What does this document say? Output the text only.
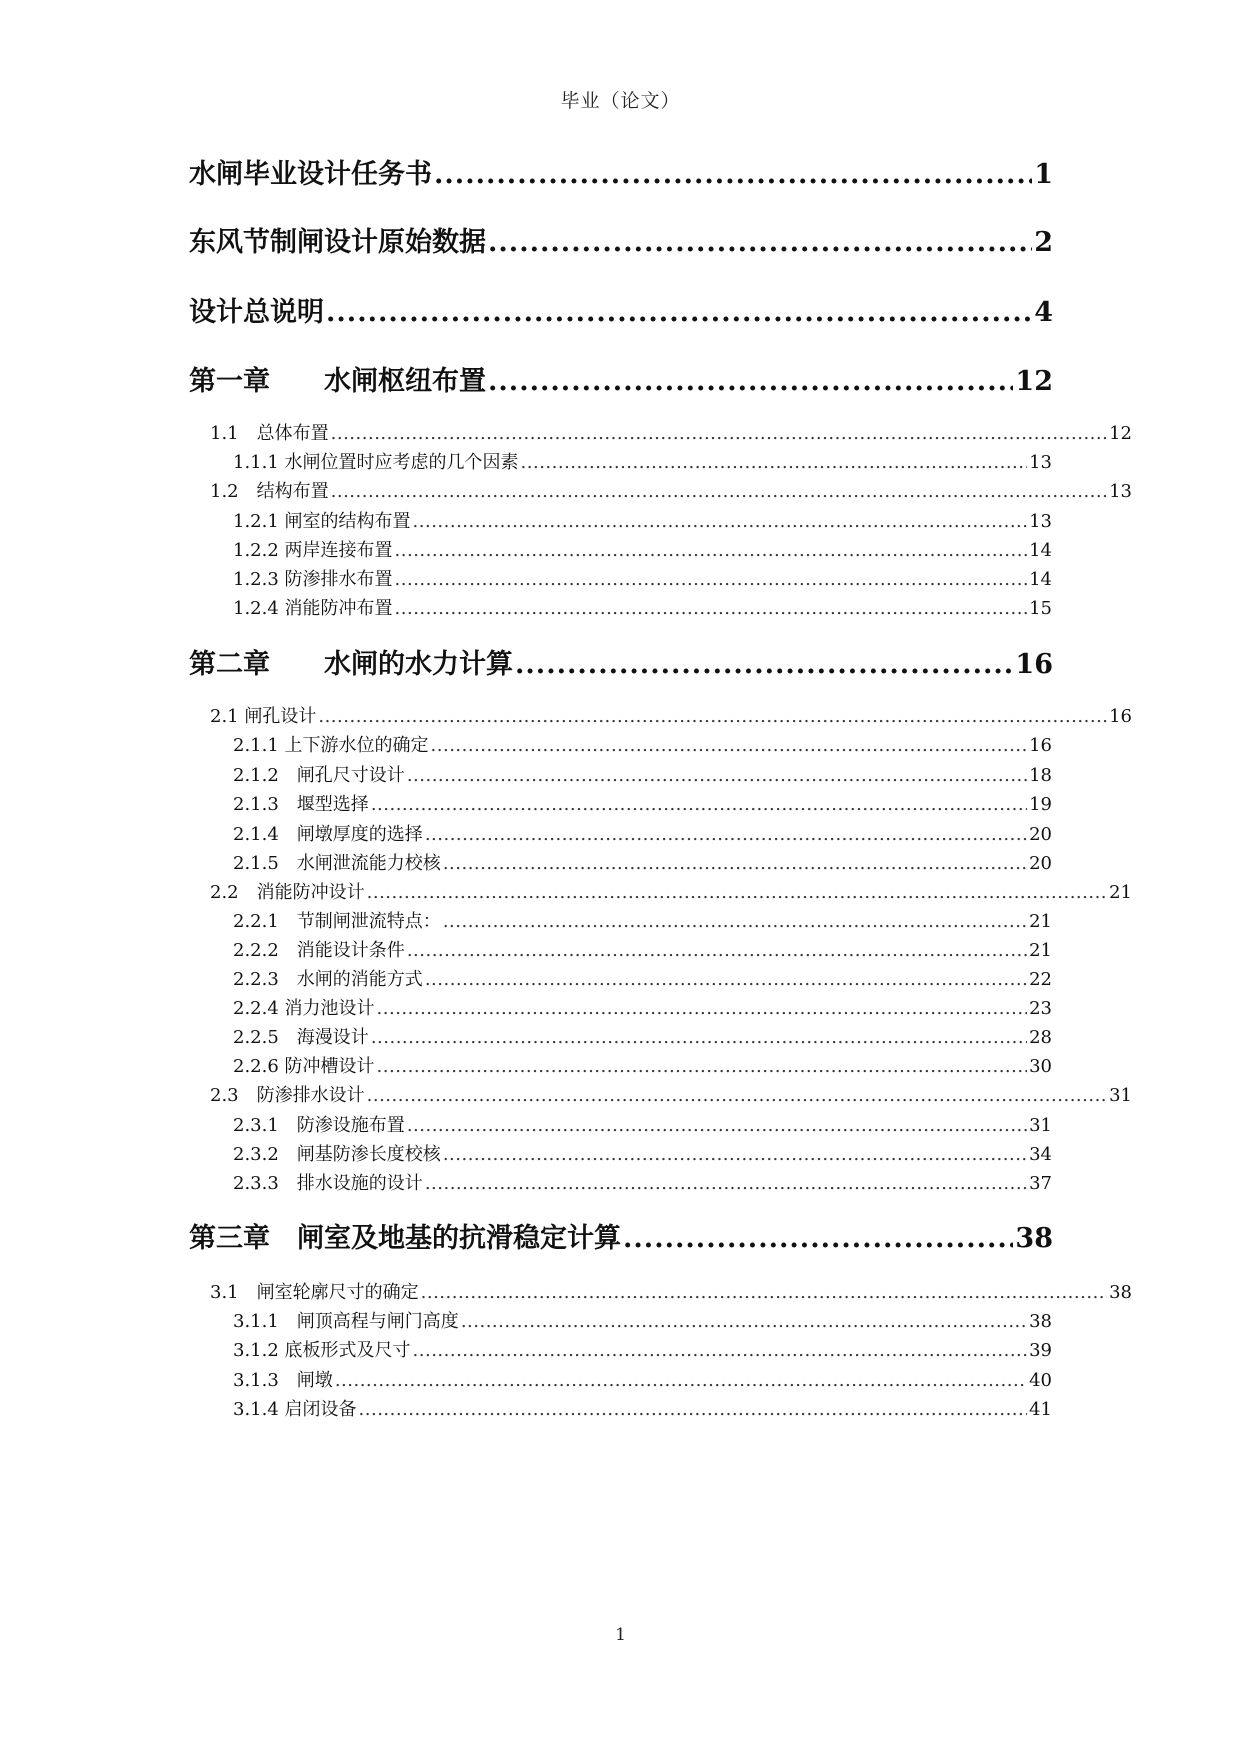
毕业（论文）
水闸毕业设计任务书 .....	1
东风节制闸设计原始数据 .....	2
设计总说明 .....	4
第一章　　水闸枢纽布置 .....	12
1.1　总体布置 .....	12
1.1.1 水闸位置时应考虑的几个因素 .....	13
1.2　结构布置 .....	13
1.2.1 闸室的结构布置 .....	13
1.2.2 两岸连接布置 .....	14
1.2.3 防渗排水布置 .....	14
1.2.4 消能防冲布置 .....	15
第二章　　水闸的水力计算 .....	16
2.1 闸孔设计 .....	16
2.1.1 上下游水位的确定 .....	16
2.1.2　闸孔尺寸设计 .....	18
2.1.3　堰型选择 .....	19
2.1.4　闸墩厚度的选择 .....	20
2.1.5　水闸泄流能力校核 .....	20
2.2　消能防冲设计 .....	21
2.2.1　节制闸泄流特点： .....	21
2.2.2　消能设计条件 .....	21
2.2.3　水闸的消能方式 .....	22
2.2.4 消力池设计 .....	23
2.2.5　海漫设计 .....	28
2.2.6 防冲槽设计 .....	30
2.3　防渗排水设计 .....	31
2.3.1　防渗设施布置 .....	31
2.3.2　闸基防渗长度校核 .....	34
2.3.3　排水设施的设计 .....	37
第三章　闸室及地基的抗滑稳定计算 .....	38
3.1　闸室轮廓尺寸的确定 .....	38
3.1.1　闸顶高程与闸门高度 .....	38
3.1.2 底板形式及尺寸 .....	39
3.1.3　闸墩 .....	40
3.1.4 启闭设备 .....	41
1
